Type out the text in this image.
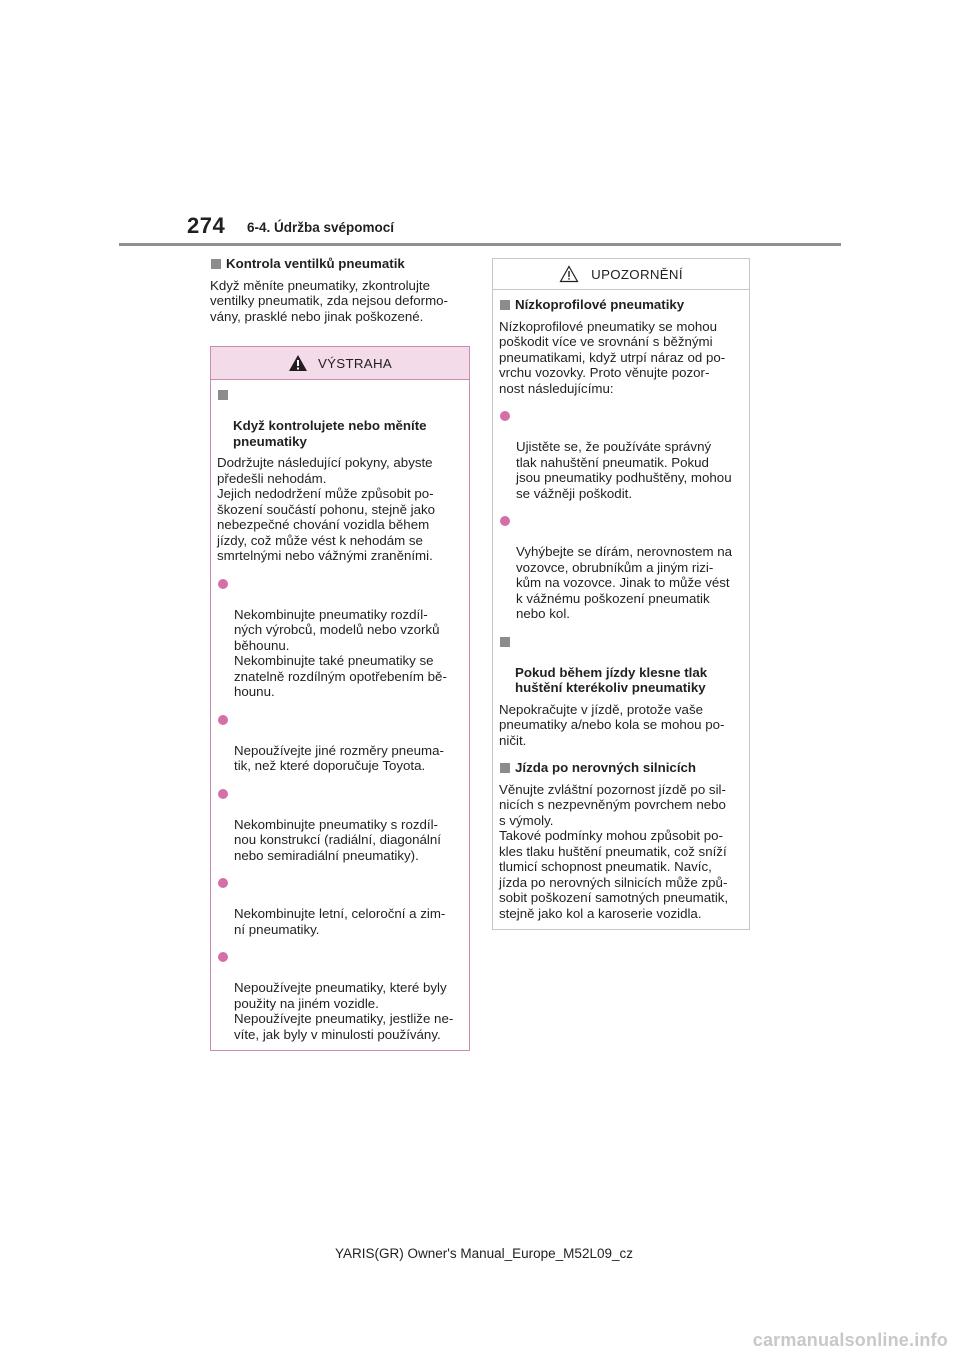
274 6-4. Údržba svépomocí
Kontrola ventilků pneumatik
Když měníte pneumatiky, zkontrolujte
ventilky pneumatik, zda nejsou deformo-
vány, prasklé nebo jinak poškozené.
VÝSTRAHA

Když kontrolujete nebo měníte
pneumatiky

Dodržujte následující pokyny, abyste
předešli nehodám.
Jejich nedodržení může způsobit po-
škození součástí pohonu, stejně jako
nebezpečné chování vozidla během
jízdy, což může vést k nehodám se
smrtelnými nebo vážnými zraněními.

Nekombinujte pneumatiky rozdíl-
ných výrobců, modelů nebo vzorků
běhounu.
Nekombinujte také pneumatiky se
znatelně rozdílným opotřebením bě-
hounu.

Nepoužívejte jiné rozměry pneuma-
tik, než které doporučuje Toyota.

Nekombinujte pneumatiky s rozdíl-
nou konstrukcí (radiální, diagonální
nebo semiradiální pneumatiky).

Nekombinujte letní, celoroční a zim-
ní pneumatiky.

Nepoužívejte pneumatiky, které byly
použity na jiném vozidle.
Nepoužívejte pneumatiky, jestliže ne-
víte, jak byly v minulosti používány.

UPOZORNĚNÍ
Nízkoprofilové pneumatiky
Nízkoprofilové pneumatiky se mohou
poškodit více ve srovnání s běžnými
pneumatikami, když utrpí náraz od po-
vrchu vozovky. Proto věnujte pozor-
nost následujícímu:

Ujistěte se, že používáte správný
tlak nahuštění pneumatik. Pokud
jsou pneumatiky podhuštěny, mohou
se vážněji poškodit.

Vyhýbejte se dírám, nerovnostem na
vozovce, obrubníkům a jiným rizi-
kům na vozovce. Jinak to může vést
k vážnému poškození pneumatik
nebo kol.

Pokud během jízdy klesne tlak
huštění kterékoliv pneumatiky

Nepokračujte v jízdě, protože vaše
pneumatiky a/nebo kola se mohou po-
ničit.
Jízda po nerovných silnicích
Věnujte zvláštní pozornost jízdě po sil-
nicích s nezpevněným povrchem nebo
s výmoly.
Takové podmínky mohou způsobit po-
kles tlaku huštění pneumatik, což sníží
tlumicí schopnost pneumatik. Navíc,
jízda po nerovných silnicích může způ-
sobit poškození samotných pneumatik,
stejně jako kol a karoserie vozidla.
YARIS(GR) Owner's Manual_Europe_M52L09_cz
carmanualsonline.info
